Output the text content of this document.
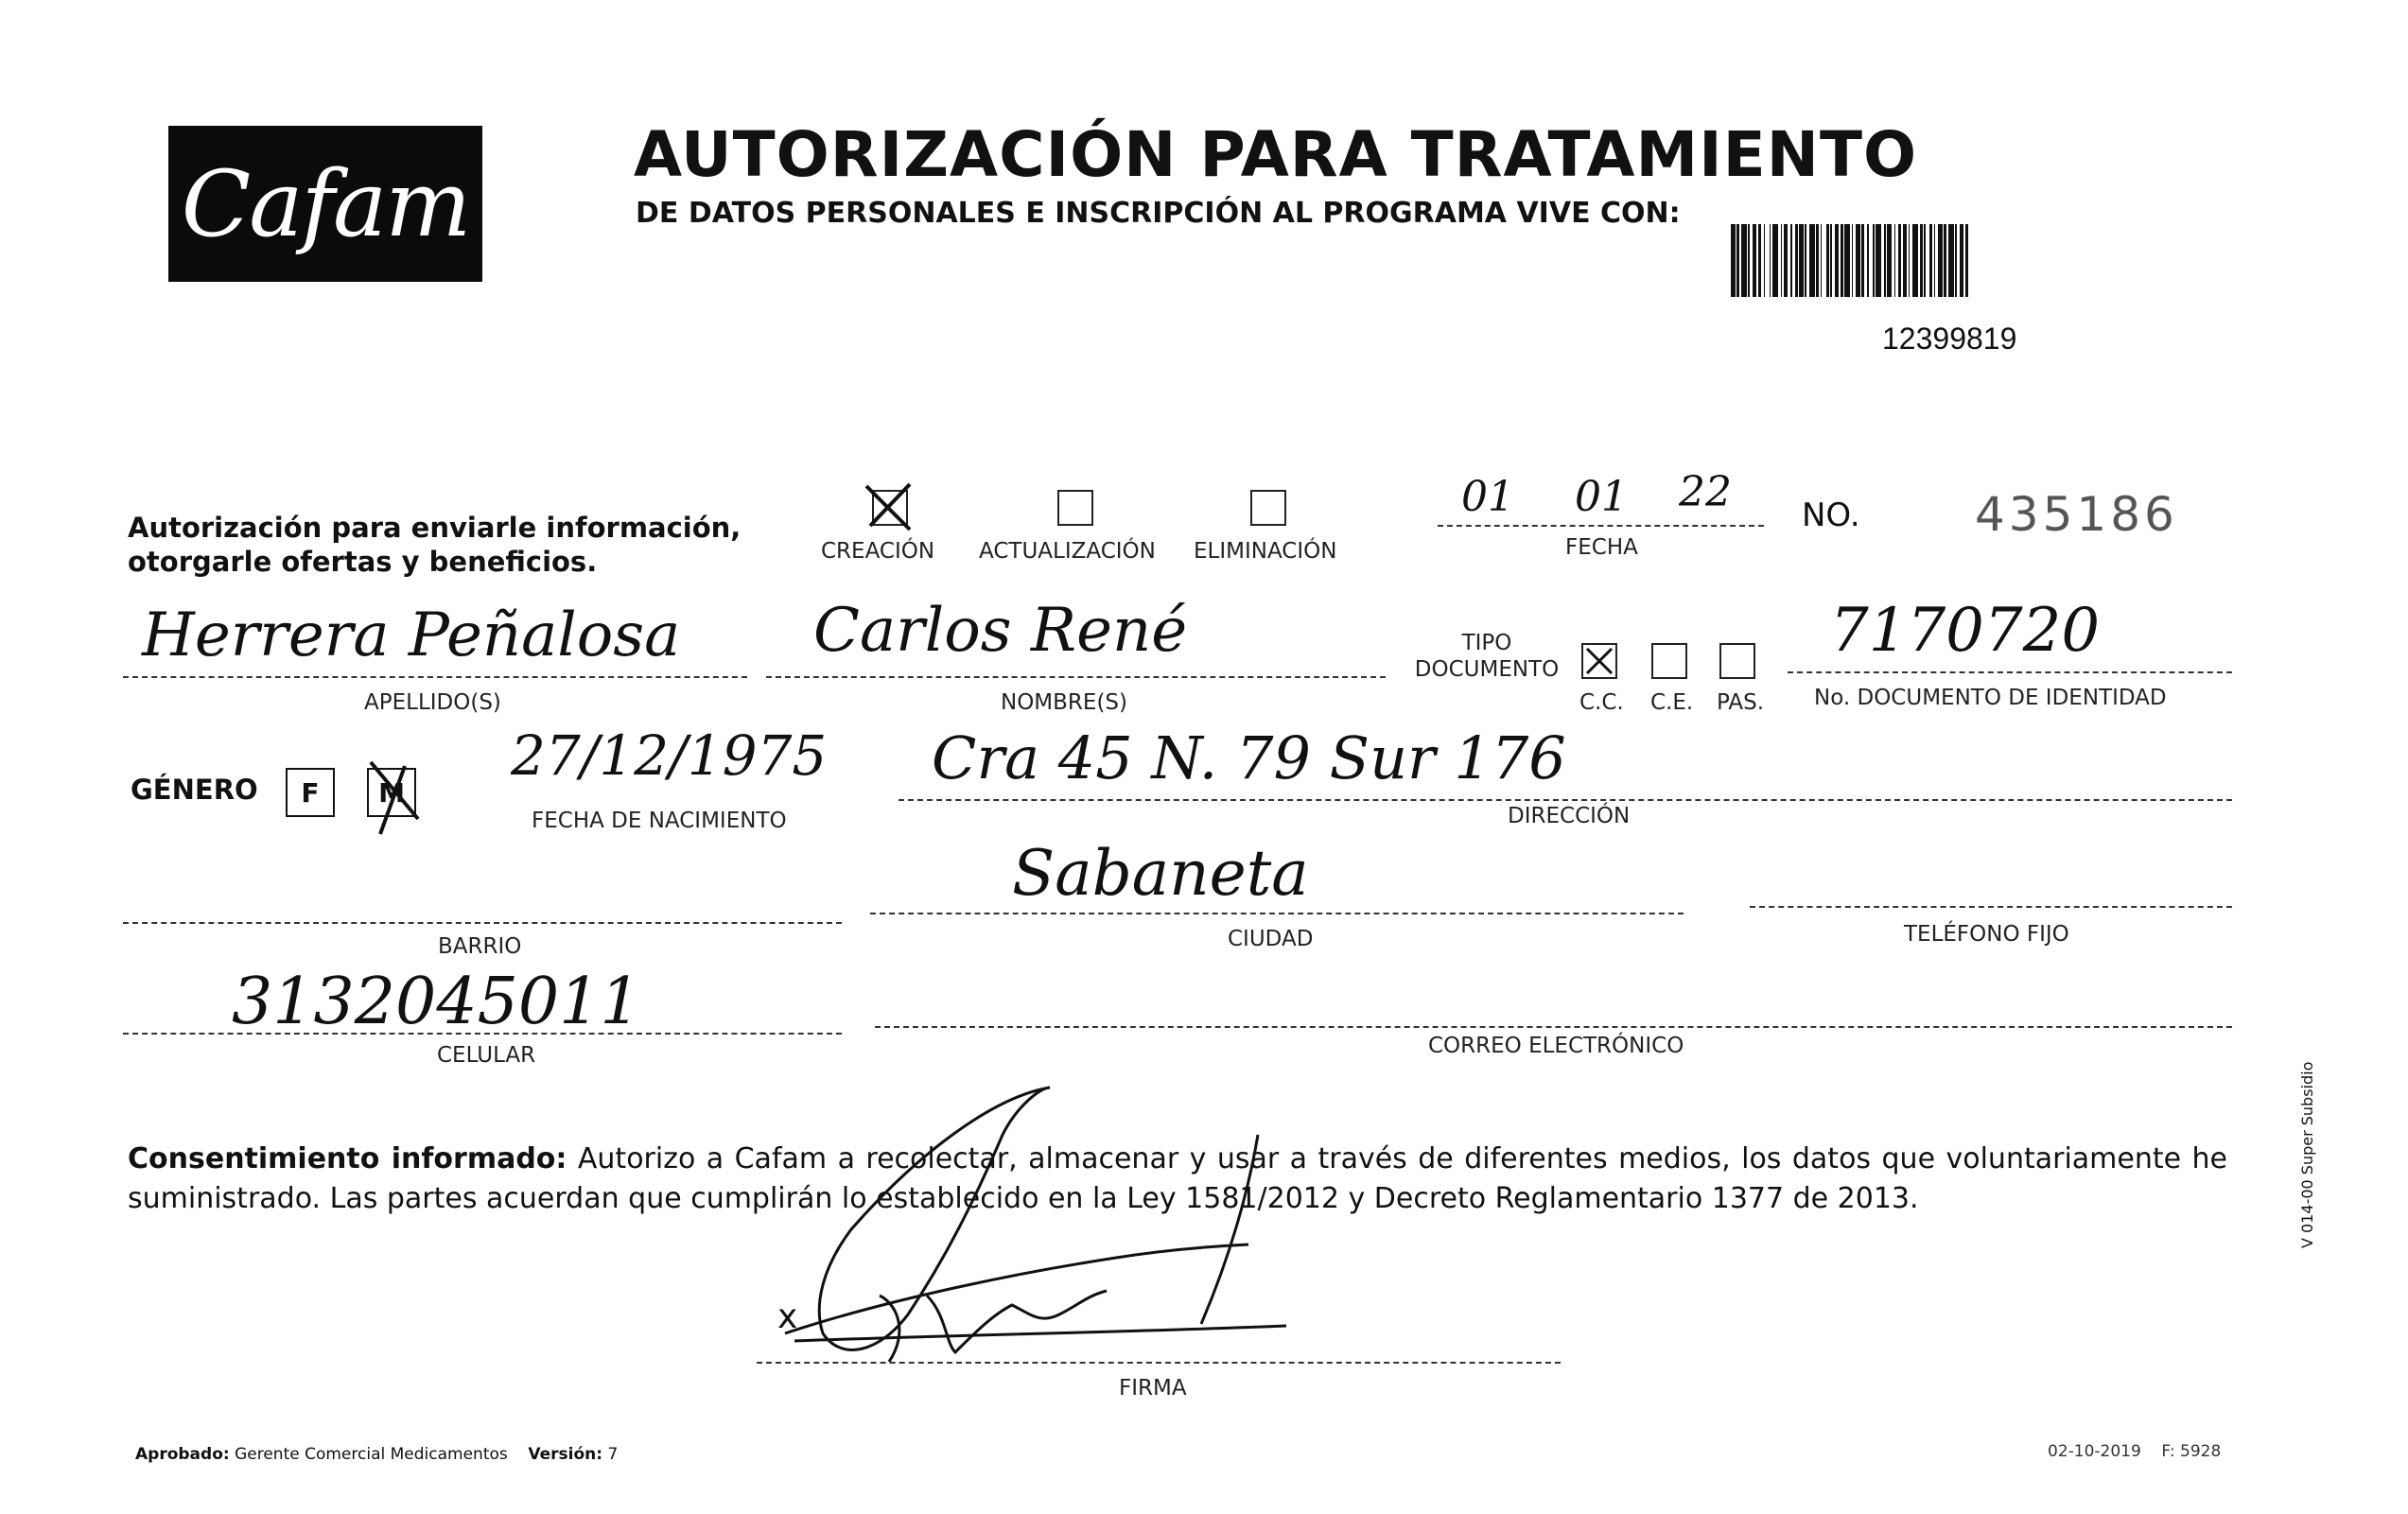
Cafam	AUTORIZACIÓN PARA TRATAMIENTO
DE DATOS PERSONALES E INSCRIPCIÓN AL PROGRAMA VIVE CON:
12399819
Autorización para enviarle información, otorgarle ofertas y beneficios.	CREACIÓN ACTUALIZACIÓN ELIMINACIÓN
01 01 22
FECHA
NO. 435186
Herrera Peñalosa
APELLIDO(S)
Carlos René
NOMBRE(S)
TIPO DOCUMENTO
C.C. C.E. PAS.
7170720
No. DOCUMENTO DE IDENTIDAD
GÉNERO	F	M
27/12/1975
FECHA DE NACIMIENTO
Cra 45 N. 79 Sur 176
DIRECCIÓN
BARRIO
Sabaneta
CIUDAD	TELÉFONO FIJO
3132045011
CELULAR	CORREO ELECTRÓNICO
Consentimiento informado: Autorizo a Cafam a recolectar, almacenar y usar a través de diferentes medios, los datos que voluntariamente he suministrado. Las partes acuerdan que cumplirán lo establecido en la Ley 1581/2012 y Decreto Reglamentario 1377 de 2013.
x
FIRMA
Aprobado: Gerente Comercial Medicamentos Versión: 7	02-10-2019 F: 5928
V 014-00 Super Subsidio
